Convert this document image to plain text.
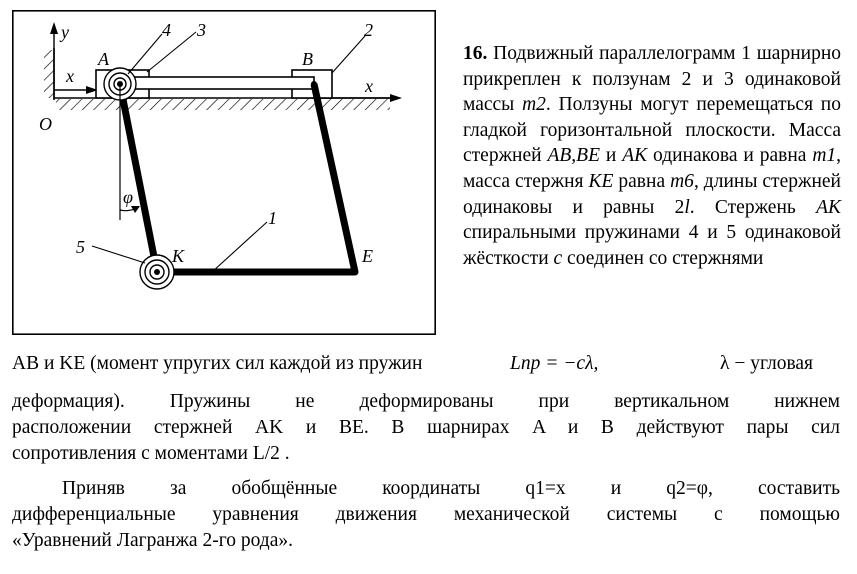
y
x	x
O
φ
A	B
K	E
4 3	2
1
5
16. Подвижный параллелограмм 1 шарнирно прикреплен к ползунам 2 и 3 одинаковой массы m2. Ползуны могут перемещаться по гладкой горизонтальной плоскости. Масса стержней AB,BE и AK одинакова и равна m1, масса стержня KE равна m6, длины стержней одинаковы и равны 2l. Стержень AK спиральными пружинами 4 и 5 одинаковой жёсткости c соединен со стержнями
AB и KE (момент упругих сил каждой из пружин	Lпр = −cλ,	λ − угловая
деформация). Пружины не деформированы при вертикальном нижнем
расположении стержней AK и BE. В шарнирах A и B действуют пары сил
сопротивления с моментами L/2 .
Приняв за обобщённые координаты q1=x и q2=φ, составить
дифференциальные уравнения движения механической системы с помощью
«Уравнений Лагранжа 2-го рода».
